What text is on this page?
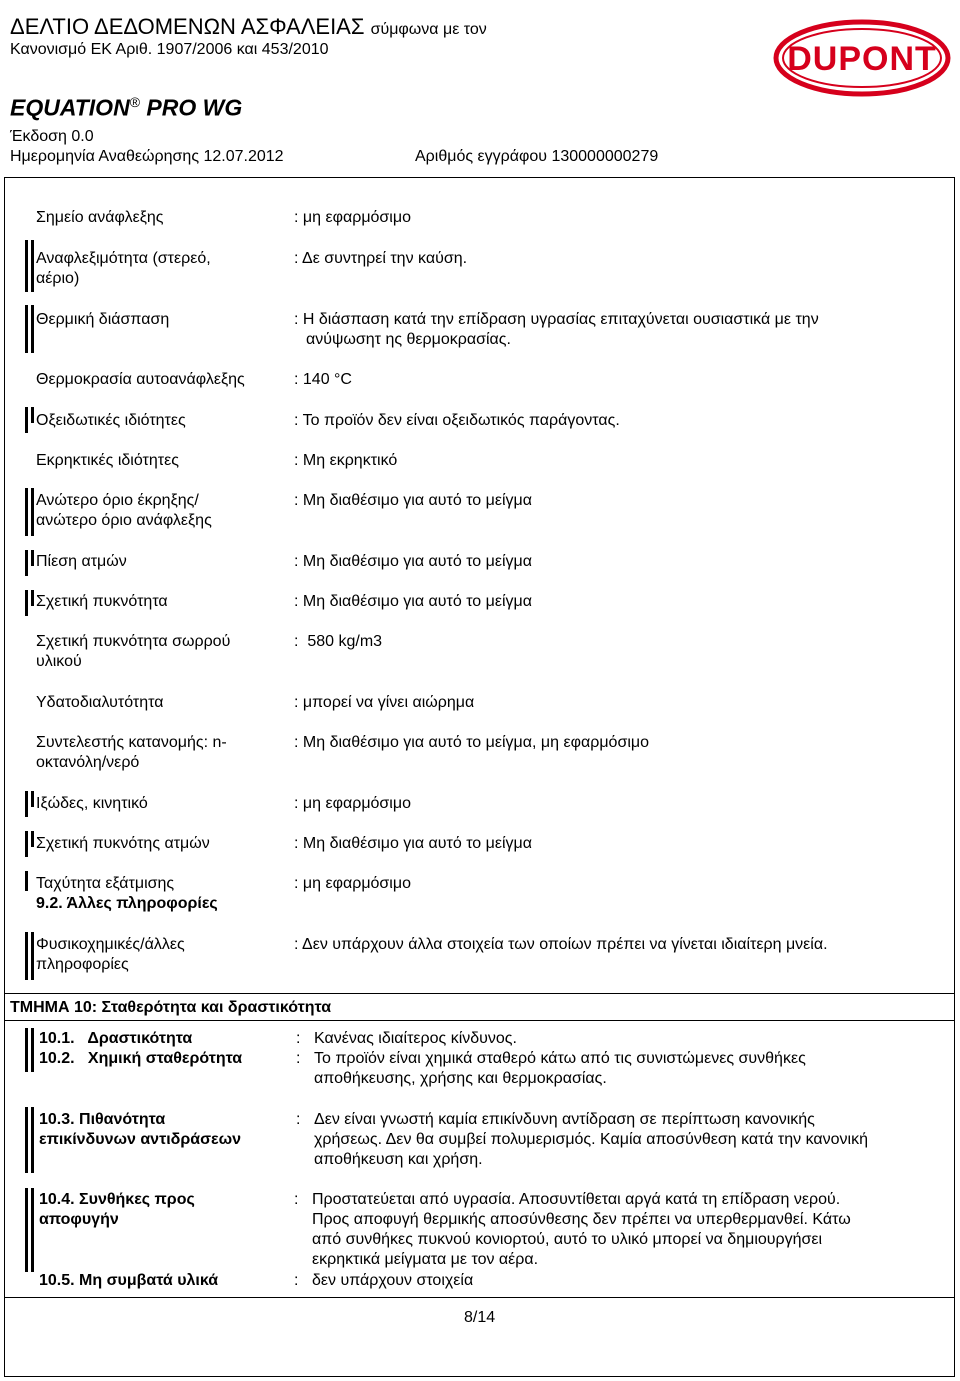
ΔΕΛΤΙΟ ΔΕΔΟΜΕΝΩΝ ΑΣΦΑΛΕΙΑΣ σύμφωνα με τον
Κανονισμό ΕΚ Αριθ. 1907/2006 και 453/2010
EQUATION® PRO WG
Έκδοση 0.0
Ημερομηνία Αναθεώρησης 12.07.2012	Αριθμός εγγράφου 130000000279
DUPONT
Σημείο ανάφλεξης	: μη εφαρμόσιμο
Αναφλεξιμότητα (στερεό,
αέριο)
: Δε συντηρεί την καύση.
Θερμική διάσπαση	: Η διάσπαση κατά την επίδραση υγρασίας επιταχύνεται ουσιαστικά με την
ανύψωσητ ης θερμοκρασίας.
Θερμοκρασία αυτοανάφλεξης	: 140 °C
Οξειδωτικές ιδιότητες	: Το προϊόν δεν είναι οξειδωτικός παράγοντας.
Εκρηκτικές ιδιότητες	: Μη εκρηκτικό
Ανώτερο όριο έκρηξης/
ανώτερο όριο ανάφλεξης
: Μη διαθέσιμο για αυτό το μείγμα
Πίεση ατμών	: Μη διαθέσιμο για αυτό το μείγμα
Σχετική πυκνότητα	: Μη διαθέσιμο για αυτό το μείγμα
Σχετική πυκνότητα σωρρού
υλικού
:  580 kg/m3
Υδατοδιαλυτότητα	: μπορεί να γίνει αιώρημα
Συντελεστής κατανομής: n-
οκτανόλη/νερό
: Μη διαθέσιμο για αυτό το μείγμα, μη εφαρμόσιμο
Ιξώδες, κινητικό	: μη εφαρμόσιμο
Σχετική πυκνότης ατμών	: Μη διαθέσιμο για αυτό το μείγμα
Ταχύτητα εξάτμισης	: μη εφαρμόσιμο
9.2. Άλλες πληροφορίες
Φυσικοχημικές/άλλες
πληροφορίες
: Δεν υπάρχουν άλλα στοιχεία των οποίων πρέπει να γίνεται ιδιαίτερη μνεία.
ΤΜΗΜΑ 10: Σταθερότητα και δραστικότητα
10.1.   Δραστικότητα	: Κανένας ιδιαίτερος κίνδυνος.
10.2.   Χημική σταθερότητα	: Το προϊόν είναι χημικά σταθερό κάτω από τις συνιστώμενες συνθήκες
αποθήκευσης, χρήσης και θερμοκρασίας.
10.3. Πιθανότητα
επικίνδυνων αντιδράσεων
: Δεν είναι γνωστή καμία επικίνδυνη αντίδραση σε περίπτωση κανονικής
χρήσεως. Δεν θα συμβεί πολυμερισμός. Καμία αποσύνθεση κατά την κανονική
αποθήκευση και χρήση.
10.4. Συνθήκες προς
αποφυγήν
: Προστατεύεται από υγρασία. Αποσυντίθεται αργά κατά τη επίδραση νερού.
Προς αποφυγή θερμικής αποσύνθεσης δεν πρέπει να υπερθερμανθεί. Κάτω
από συνθήκες πυκνού κονιορτού, αυτό το υλικό μπορεί να δημιουργήσει
εκρηκτικά μείγματα με τον αέρα.
10.5. Μη συμβατά υλικά	: δεν υπάρχουν στοιχεία
8/14
